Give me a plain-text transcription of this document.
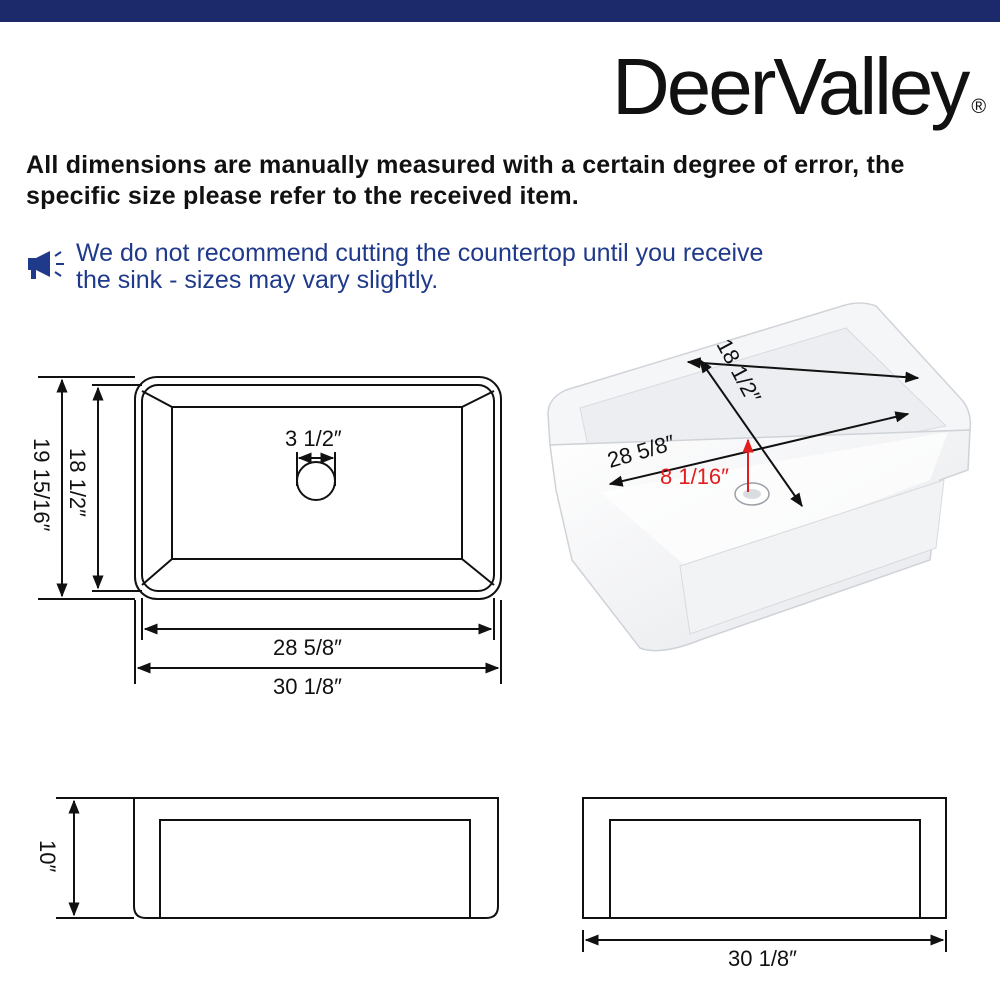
DeerValley ®
All dimensions are manually measured with a certain degree of error, the
specific size please refer to the received item.
We do not recommend cutting the countertop until you receive
the sink - sizes may vary slightly.
3 1/2″
18 1/2″
19 15/16″
28 5/8″
30 1/8″
18 1/2″
28 5/8″
8 1/16″
10″
30 1/8″
